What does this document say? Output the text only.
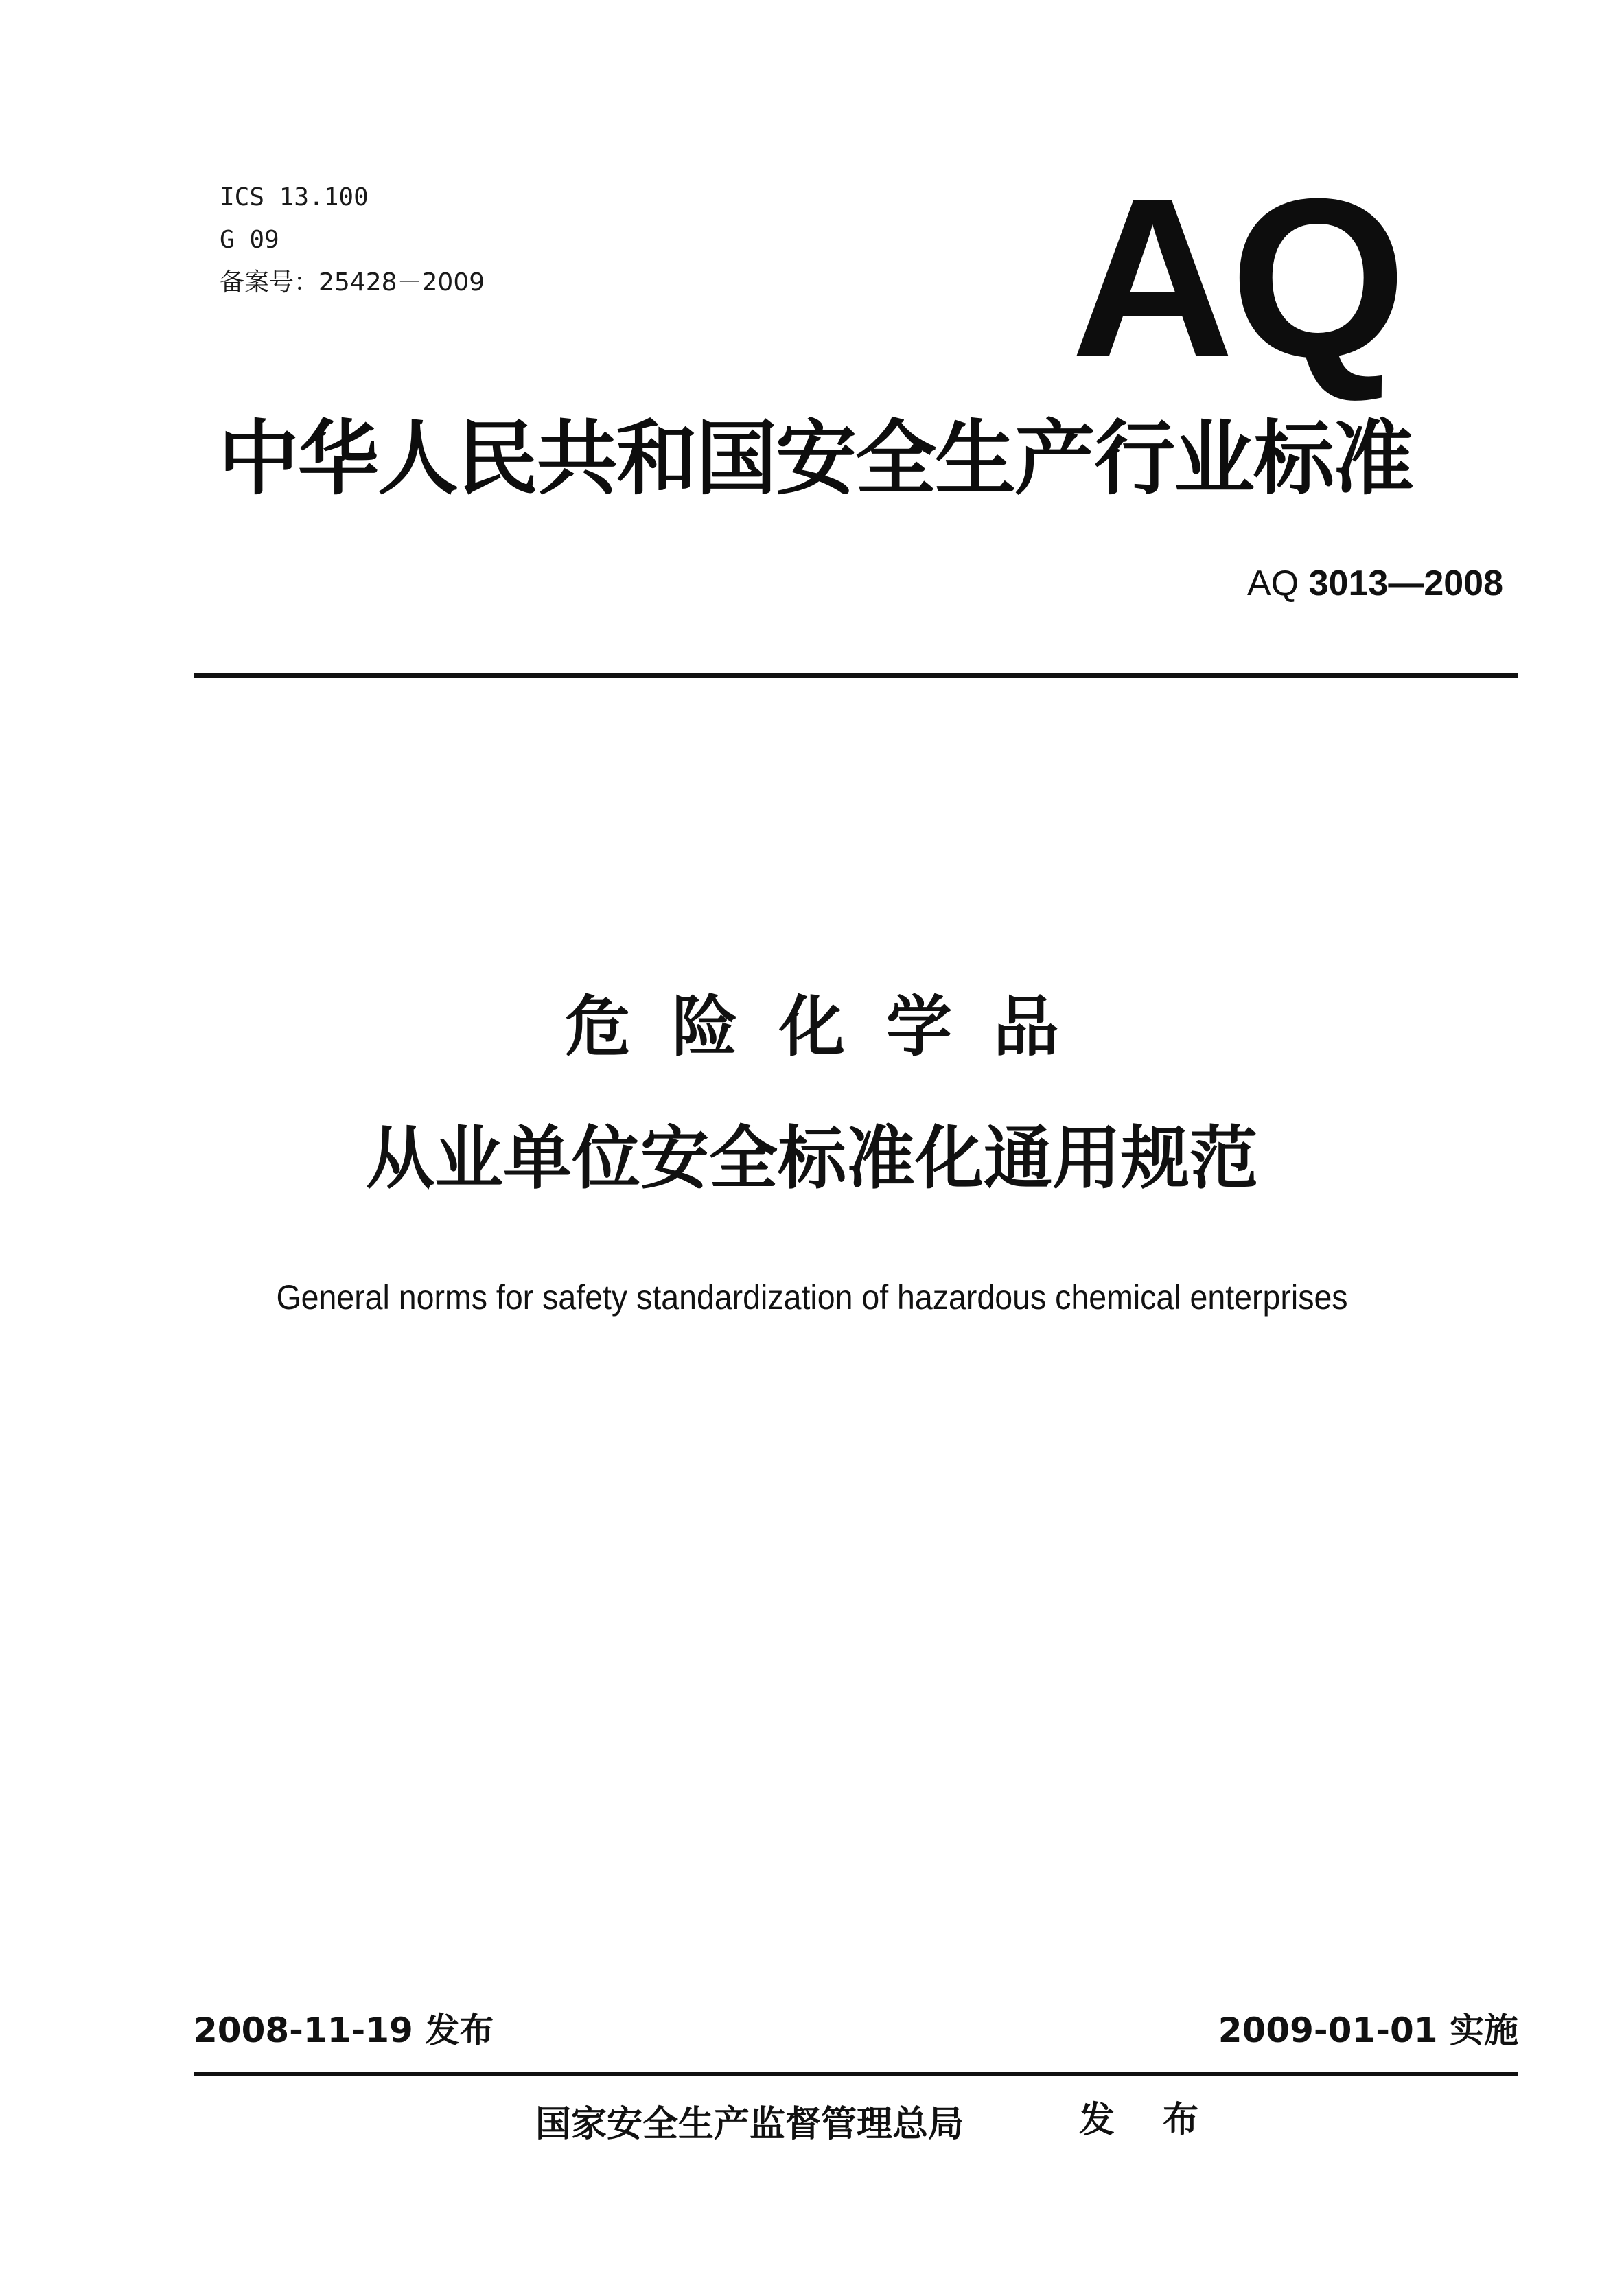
ICS 13.100
G 09
备案号：25428－2009	AQ
中华人民共和国安全生产行业标准
AQ 3013—2008
危险化学品
从业单位安全标准化通用规范
General norms for safety standardization of hazardous chemical enterprises
2008-11-19 发布	2009-01-01 实施
国家安全生产监督管理总局	发 布
